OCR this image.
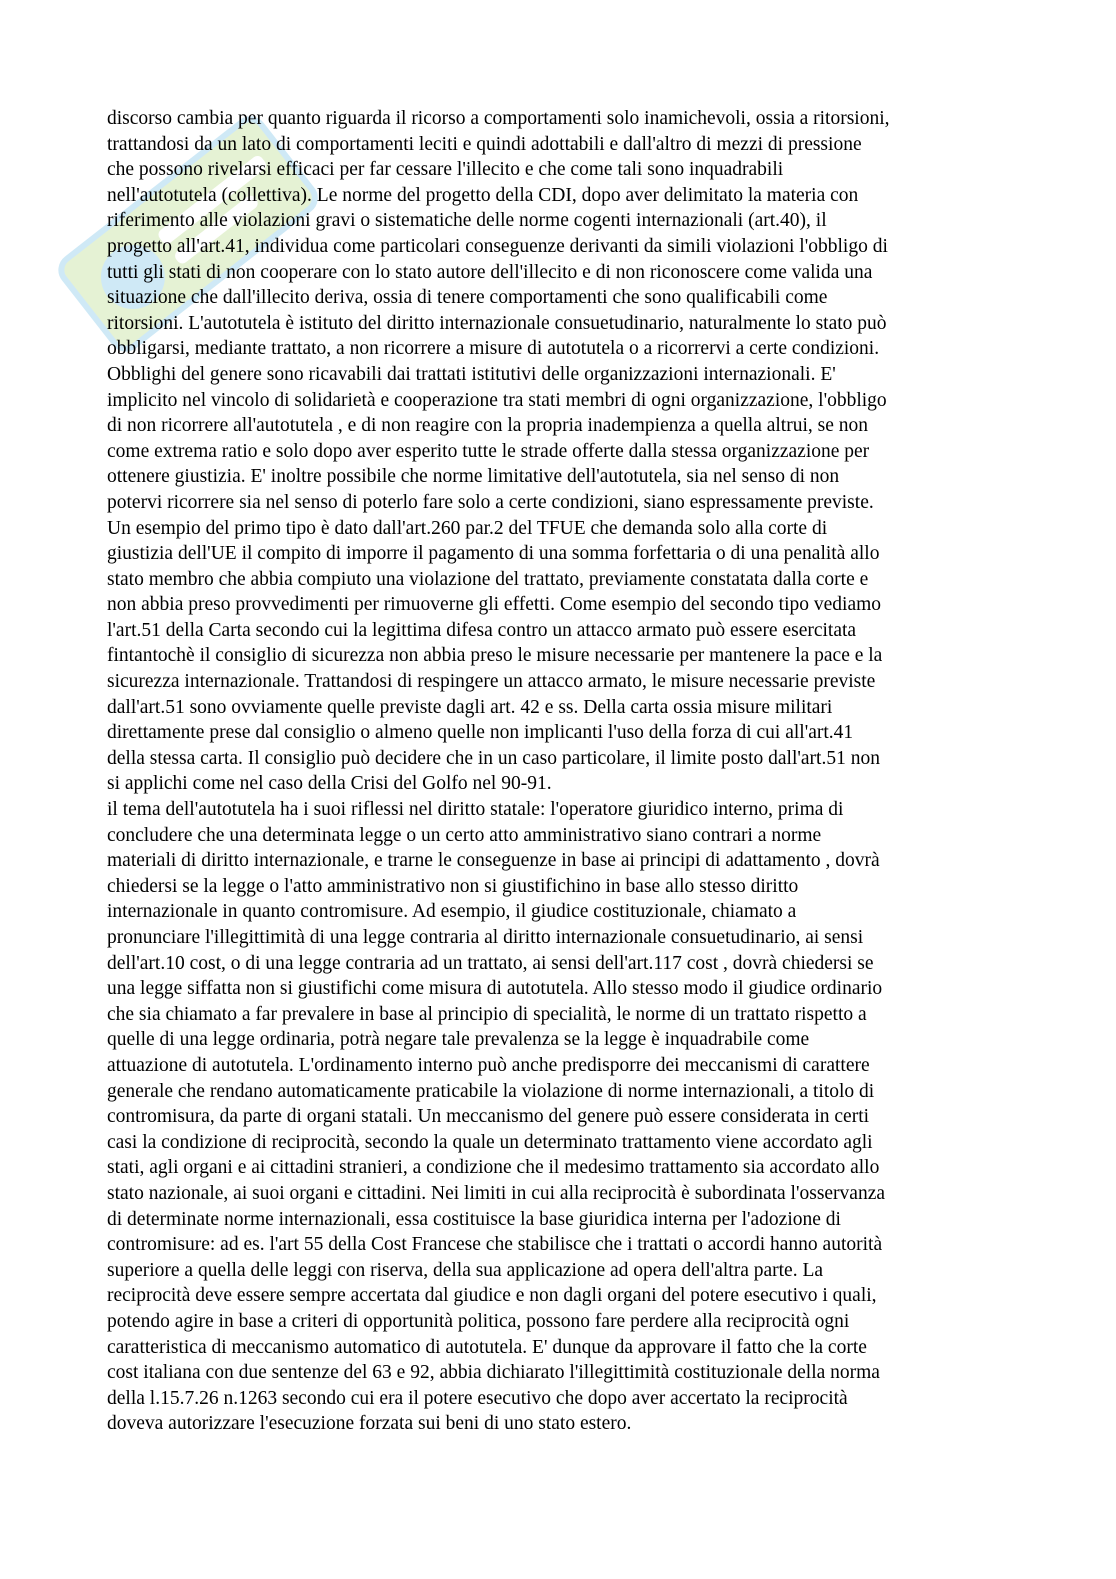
discorso cambia per quanto riguarda il ricorso a comportamenti solo inamichevoli, ossia a ritorsioni,
trattandosi da un lato di comportamenti leciti e quindi adottabili e dall'altro di mezzi di pressione
che possono rivelarsi efficaci per far cessare l'illecito e che come tali sono inquadrabili
nell'autotutela (collettiva). Le norme del progetto della CDI, dopo aver delimitato la materia con
riferimento alle violazioni gravi o sistematiche delle norme cogenti internazionali (art.40), il
progetto all'art.41, individua come particolari conseguenze derivanti da simili violazioni l'obbligo di
tutti gli stati di non cooperare con lo stato autore dell'illecito e di non riconoscere come valida una
situazione che dall'illecito deriva, ossia di tenere comportamenti che sono qualificabili come
ritorsioni. L'autotutela è istituto del diritto internazionale consuetudinario, naturalmente lo stato può
obbligarsi, mediante trattato, a non ricorrere a misure di autotutela o a ricorrervi a certe condizioni.
Obblighi del genere sono ricavabili dai trattati istitutivi delle organizzazioni internazionali. E'
implicito nel vincolo di solidarietà e cooperazione tra stati membri di ogni organizzazione, l'obbligo
di non ricorrere all'autotutela , e di non reagire con la propria inadempienza a quella altrui, se non
come extrema ratio e solo dopo aver esperito tutte le strade offerte dalla stessa organizzazione per
ottenere giustizia. E' inoltre possibile che norme limitative dell'autotutela, sia nel senso di non
potervi ricorrere sia nel senso di poterlo fare solo a certe condizioni, siano espressamente previste.
Un esempio del primo tipo è dato dall'art.260 par.2 del TFUE che demanda solo alla corte di
giustizia dell'UE il compito di imporre il pagamento di una somma forfettaria o di una penalità allo
stato membro che abbia compiuto una violazione del trattato, previamente constatata dalla corte e
non abbia preso provvedimenti per rimuoverne gli effetti. Come esempio del secondo tipo vediamo
l'art.51 della Carta secondo cui la legittima difesa contro un attacco armato può essere esercitata
fintantochè il consiglio di sicurezza non abbia preso le misure necessarie per mantenere la pace e la
sicurezza internazionale. Trattandosi di respingere un attacco armato, le misure necessarie previste
dall'art.51 sono ovviamente quelle previste dagli art. 42 e ss. Della carta ossia misure militari
direttamente prese dal consiglio o almeno quelle non implicanti l'uso della forza di cui all'art.41
della stessa carta. Il consiglio può decidere che in un caso particolare, il limite posto dall'art.51 non
si applichi come nel caso della Crisi del Golfo nel 90-91.
il tema dell'autotutela ha i suoi riflessi nel diritto statale: l'operatore giuridico interno, prima di
concludere che una determinata legge o un certo atto amministrativo siano contrari a norme
materiali di diritto internazionale, e trarne le conseguenze in base ai principi di adattamento , dovrà
chiedersi se la legge o l'atto amministrativo non si giustifichino in base allo stesso diritto
internazionale in quanto contromisure. Ad esempio, il giudice costituzionale, chiamato a
pronunciare l'illegittimità di una legge contraria al diritto internazionale consuetudinario, ai sensi
dell'art.10 cost, o di una legge contraria ad un trattato, ai sensi dell'art.117 cost , dovrà chiedersi se
una legge siffatta non si giustifichi come misura di autotutela. Allo stesso modo il giudice ordinario
che sia chiamato a far prevalere in base al principio di specialità, le norme di un trattato rispetto a
quelle di una legge ordinaria, potrà negare tale prevalenza se la legge è inquadrabile come
attuazione di autotutela. L'ordinamento interno può anche predisporre dei meccanismi di carattere
generale che rendano automaticamente praticabile la violazione di norme internazionali, a titolo di
contromisura, da parte di organi statali. Un meccanismo del genere può essere considerata in certi
casi la condizione di reciprocità, secondo la quale un determinato trattamento viene accordato agli
stati, agli organi e ai cittadini stranieri, a condizione che il medesimo trattamento sia accordato allo
stato nazionale, ai suoi organi e cittadini. Nei limiti in cui alla reciprocità è subordinata l'osservanza
di determinate norme internazionali, essa costituisce la base giuridica interna per l'adozione di
contromisure: ad es. l'art 55 della Cost Francese che stabilisce che i trattati o accordi hanno autorità
superiore a quella delle leggi con riserva, della sua applicazione ad opera dell'altra parte. La
reciprocità deve essere sempre accertata dal giudice e non dagli organi del potere esecutivo i quali,
potendo agire in base a criteri di opportunità politica, possono fare perdere alla reciprocità ogni
caratteristica di meccanismo automatico di autotutela. E' dunque da approvare il fatto che la corte
cost italiana con due sentenze del 63 e 92, abbia dichiarato l'illegittimità costituzionale della norma
della l.15.7.26 n.1263 secondo cui era il potere esecutivo che dopo aver accertato la reciprocità
doveva autorizzare l'esecuzione forzata sui beni di uno stato estero.
